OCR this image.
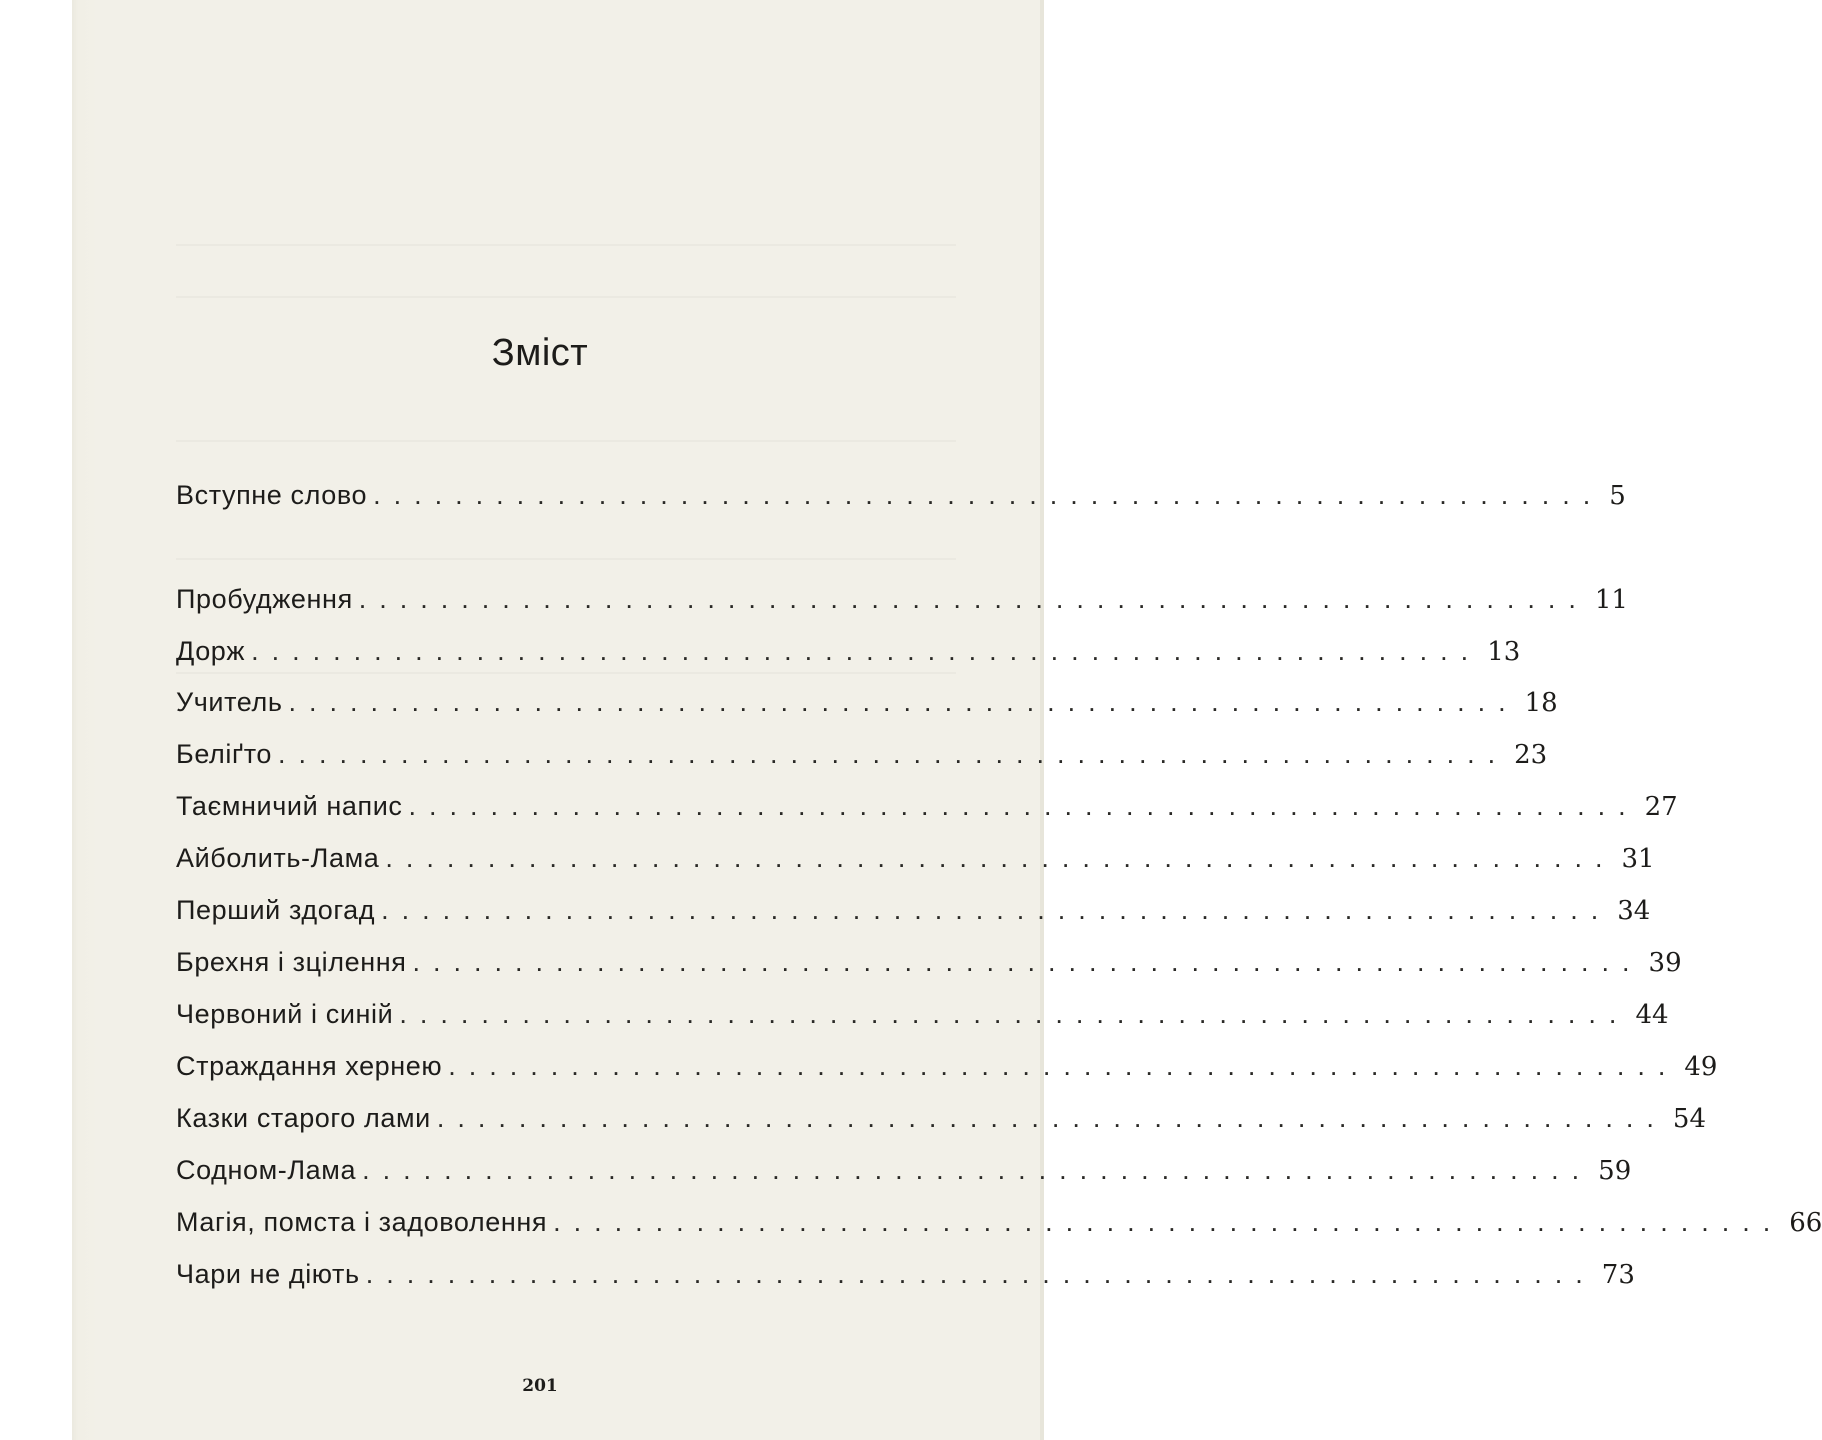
Зміст
Вступне слово ............................................................ 5
Пробудження ............................................................ 11
Дорж ............................................................ 13
Учитель ............................................................ 18
Беліґто ............................................................ 23
Таємничий напис ............................................................ 27
Айболить-Лама ............................................................ 31
Перший здогад ............................................................ 34
Брехня і зцілення ............................................................ 39
Червоний і синій ............................................................ 44
Страждання хернею ............................................................ 49
Казки старого лами ............................................................ 54
Содном-Лама ............................................................ 59
Магія, помста і задоволення ............................................................ 66
Чари не діють ............................................................ 73
201
